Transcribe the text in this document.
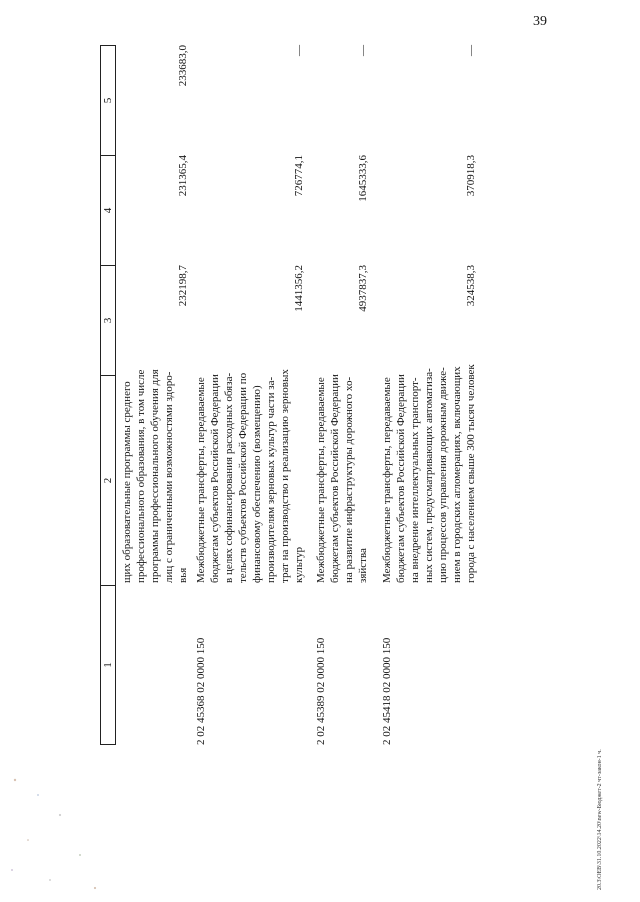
39
1
2
3
4
5
щих образовательные программы среднего профессионального образования, в том числе программы профессионального обучения для лиц с ограниченными возможностями здоро- вья
232198,7
231365,4
233683,0
2 02 45368 02 0000 150
Межбюджетные трансферты, передаваемые бюджетам субъектов Российской Федерации в целях софинансирования расходных обяза- тельств субъектов Российской Федерации по финансовому обеспечению (возмещению) производителям зерновых культур части за- трат на производство и реализацию зерновых культур
1441356,2
726774,1
—
2 02 45389 02 0000 150
Межбюджетные трансферты, передаваемые бюджетам субъектов Российской Федерации на развитие инфраструктуры дорожного хо- зяйства
4937837,3
1645333,6
—
2 02 45418 02 0000 150
Межбюджетные трансферты, передаваемые бюджетам субъектов Российской Федерации на внедрение интеллектуальных транспорт- ных систем, предусматривающих автоматиза- цию процессов управления дорожным движе- нием в городских агломерациях, включающих города с населением свыше 300 тысяч человек
324538,3
370918,3
—
20.3\OEB\31.10.2022\14.20\new-Бюджет-2 чт-закон-1 ч.
